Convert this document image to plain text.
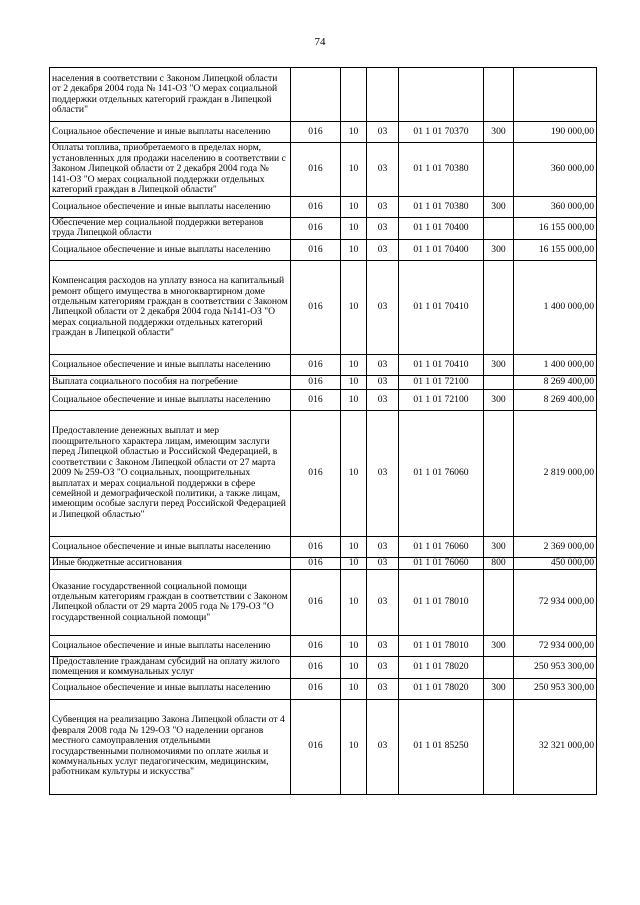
74
населения в соответствии с Законом Липецкой области от 2 декабря 2004 года № 141-ОЗ "О мерах социальной поддержки отдельных категорий граждан в Липецкой области"						
Социальное обеспечение и иные выплаты населению	016	10	03	01 1 01 70370	300	190 000,00
Оплаты топлива, приобретаемого в пределах норм, установленных для продажи населению в соответствии с Законом Липецкой области от 2 декабря 2004 года № 141-ОЗ "О мерах социальной поддержки отдельных категорий граждан в Липецкой области"	016	10	03	01 1 01 70380		360 000,00
Социальное обеспечение и иные выплаты населению	016	10	03	01 1 01 70380	300	360 000,00
Обеспечение мер социальной поддержки ветеранов труда Липецкой области	016	10	03	01 1 01 70400		16 155 000,00
Социальное обеспечение и иные выплаты населению	016	10	03	01 1 01 70400	300	16 155 000,00
Компенсация расходов на уплату взноса на капитальный ремонт общего имущества в многоквартирном доме отдельным категориям граждан в соответствии с Законом Липецкой области от 2 декабря 2004 года №141-ОЗ "О мерах социальной поддержки отдельных категорий граждан в Липецкой области"	016	10	03	01 1 01 70410		1 400 000,00
Социальное обеспечение и иные выплаты населению	016	10	03	01 1 01 70410	300	1 400 000,00
Выплата социального пособия на погребение	016	10	03	01 1 01 72100		8 269 400,00
Социальное обеспечение и иные выплаты населению	016	10	03	01 1 01 72100	300	8 269 400,00
Предоставление денежных выплат и мер поощрительного характера лицам, имеющим заслуги перед Липецкой областью и Российской Федерацией, в соответствии с Законом Липецкой области от 27 марта 2009 № 259-ОЗ "О социальных, поощрительных выплатах и мерах социальной поддержки в сфере семейной и демографической политики, а также лицам, имеющим особые заслуги перед Российской Федерацией и Липецкой областью"	016	10	03	01 1 01 76060		2 819 000,00
Социальное обеспечение и иные выплаты населению	016	10	03	01 1 01 76060	300	2 369 000,00
Иные бюджетные ассигнования	016	10	03	01 1 01 76060	800	450 000,00
Оказание государственной социальной помощи отдельным категориям граждан в соответствии с Законом Липецкой области от 29 марта 2005 года № 179-ОЗ "О государственной социальной помощи"	016	10	03	01 1 01 78010		72 934 000,00
Социальное обеспечение и иные выплаты населению	016	10	03	01 1 01 78010	300	72 934 000,00
Предоставление гражданам субсидий на оплату жилого помещения и коммунальных услуг	016	10	03	01 1 01 78020		250 953 300,00
Социальное обеспечение и иные выплаты населению	016	10	03	01 1 01 78020	300	250 953 300,00
Субвенция на реализацию Закона Липецкой области от 4 февраля 2008 года № 129-ОЗ "О наделении органов местного самоуправления отдельными государственными полномочиями по оплате жилья и коммунальных услуг педагогическим, медицинским, работникам культуры и искусства"	016	10	03	01 1 01 85250		32 321 000,00
